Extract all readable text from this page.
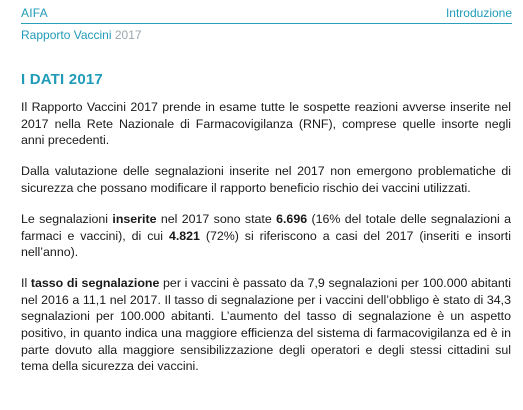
AIFA	Introduzione
Rapporto Vaccini 2017
I DATI 2017

Il Rapporto Vaccini 2017 prende in esame tutte le sospette reazioni avverse inserite nel 2017 nella Rete Nazionale di Farmacovigilanza (RNF), comprese quelle insorte negli anni precedenti.

Dalla valutazione delle segnalazioni inserite nel 2017 non emergono problematiche di sicurezza che possano modificare il rapporto beneficio rischio dei vaccini utilizzati.

Le segnalazioni inserite nel 2017 sono state 6.696 (16% del totale delle segnalazioni a farmaci e vaccini), di cui 4.821 (72%) si riferiscono a casi del 2017 (inseriti e insorti nell’anno).

Il tasso di segnalazione per i vaccini è passato da 7,9 segnalazioni per 100.000 abitanti nel 2016 a 11,1 nel 2017. Il tasso di segnalazione per i vaccini dell’obbligo è stato di 34,3 segnalazioni per 100.000 abitanti. L’aumento del tasso di segnalazione è un aspetto positivo, in quanto indica una maggiore efficienza del sistema di farmacovigilanza ed è in parte dovuto alla maggiore sensibilizzazione degli operatori e degli stessi cittadini sul tema della sicurezza dei vaccini.
